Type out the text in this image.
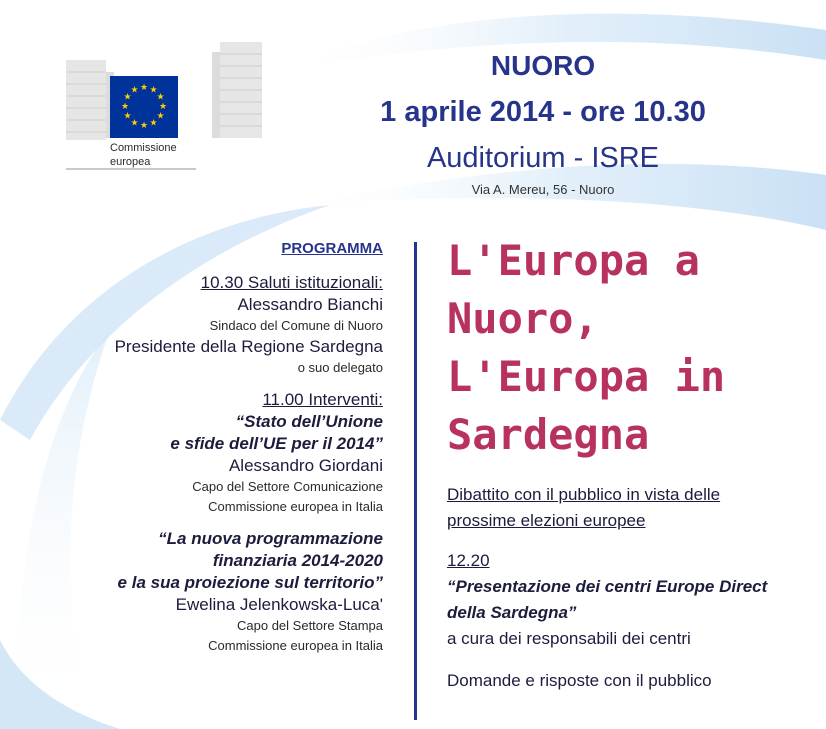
★ ★
★
★
★
★
★
★
★
★
★
★
Commissione
europea
NUORO
1 aprile 2014 - ore 10.30
Auditorium - ISRE
Via A. Mereu, 56 - Nuoro
PROGRAMMA
10.30 Saluti istituzionali:
Alessandro Bianchi
Sindaco del Comune di Nuoro
Presidente della Regione Sardegna
o suo delegato
11.00 Interventi:
“Stato dell’Unione
e sfide dell’UE per il 2014”
Alessandro Giordani
Capo del Settore Comunicazione
Commissione europea in Italia
“La nuova programmazione
finanziaria 2014-2020
e la sua proiezione sul territorio”
Ewelina Jelenkowska-Luca'
Capo del Settore Stampa
Commissione europea in Italia
L'Europa a
Nuoro,
L'Europa in
Sardegna
Dibattito con il pubblico in vista delle
prossime elezioni europee
12.20
“Presentazione dei centri Europe Direct
della Sardegna”
a cura dei responsabili dei centri
Domande e risposte con il pubblico
